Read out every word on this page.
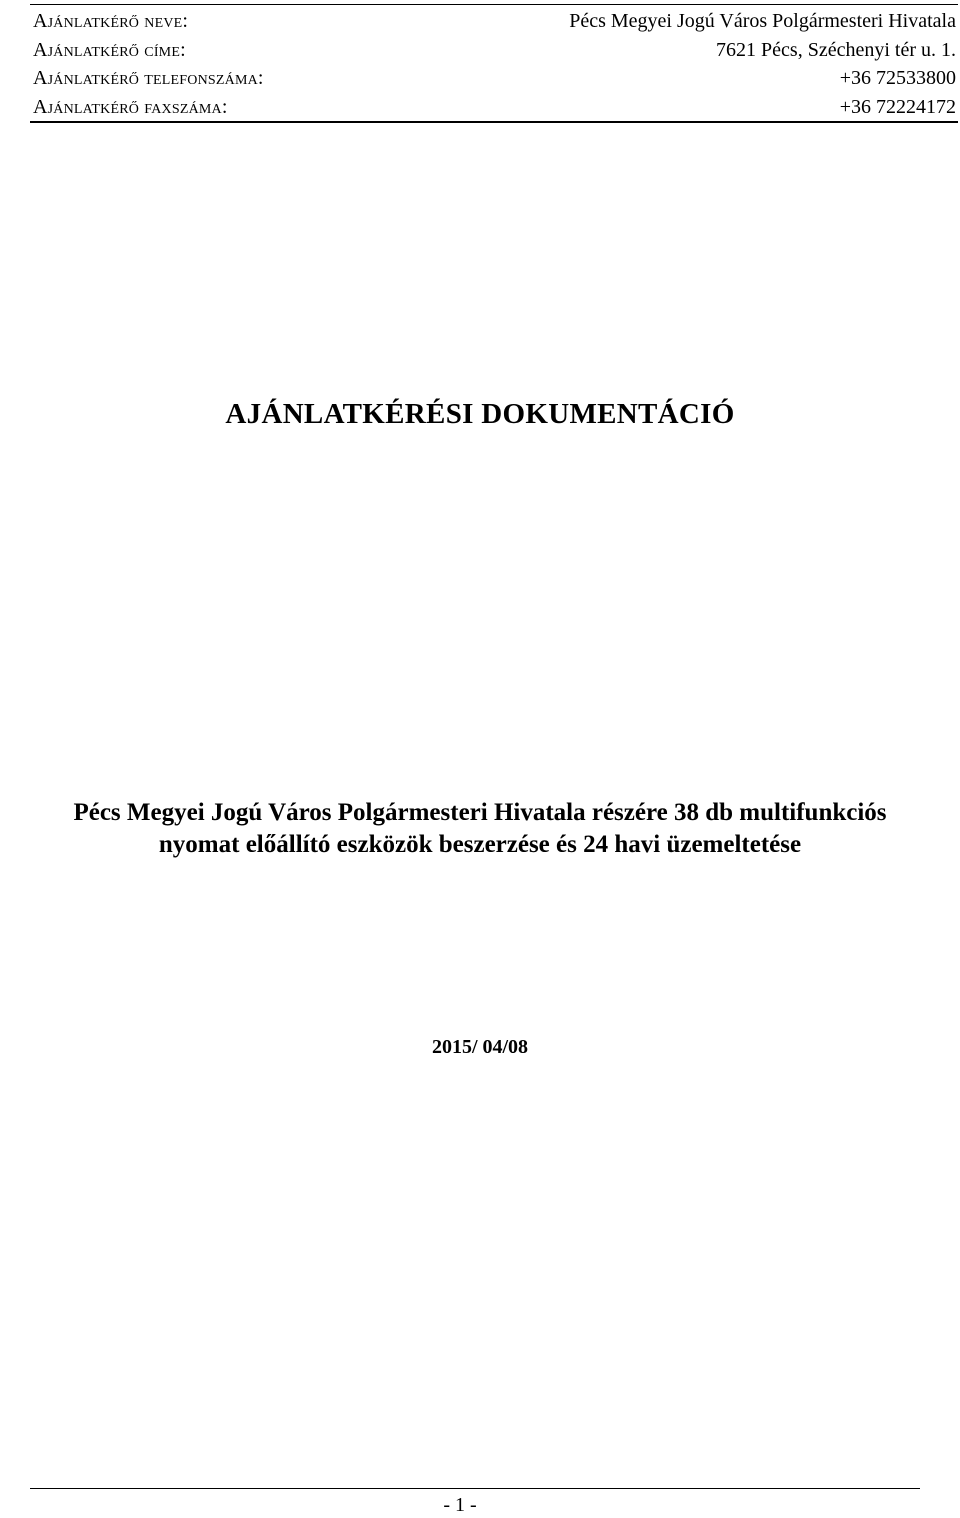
Ajánlatkérő neve:	Pécs Megyei Jogú Város Polgármesteri Hivatala
Ajánlatkérő címe:	7621 Pécs, Széchenyi tér u. 1.
Ajánlatkérő telefonszáma:	+36 72533800
Ajánlatkérő faxszáma:	+36 72224172
AJÁNLATKÉRÉSI DOKUMENTÁCIÓ
Pécs Megyei Jogú Város Polgármesteri Hivatala részére 38 db multifunkciós
nyomat előállító eszközök beszerzése és 24 havi üzemeltetése
2015/ 04/08
- 1 -
